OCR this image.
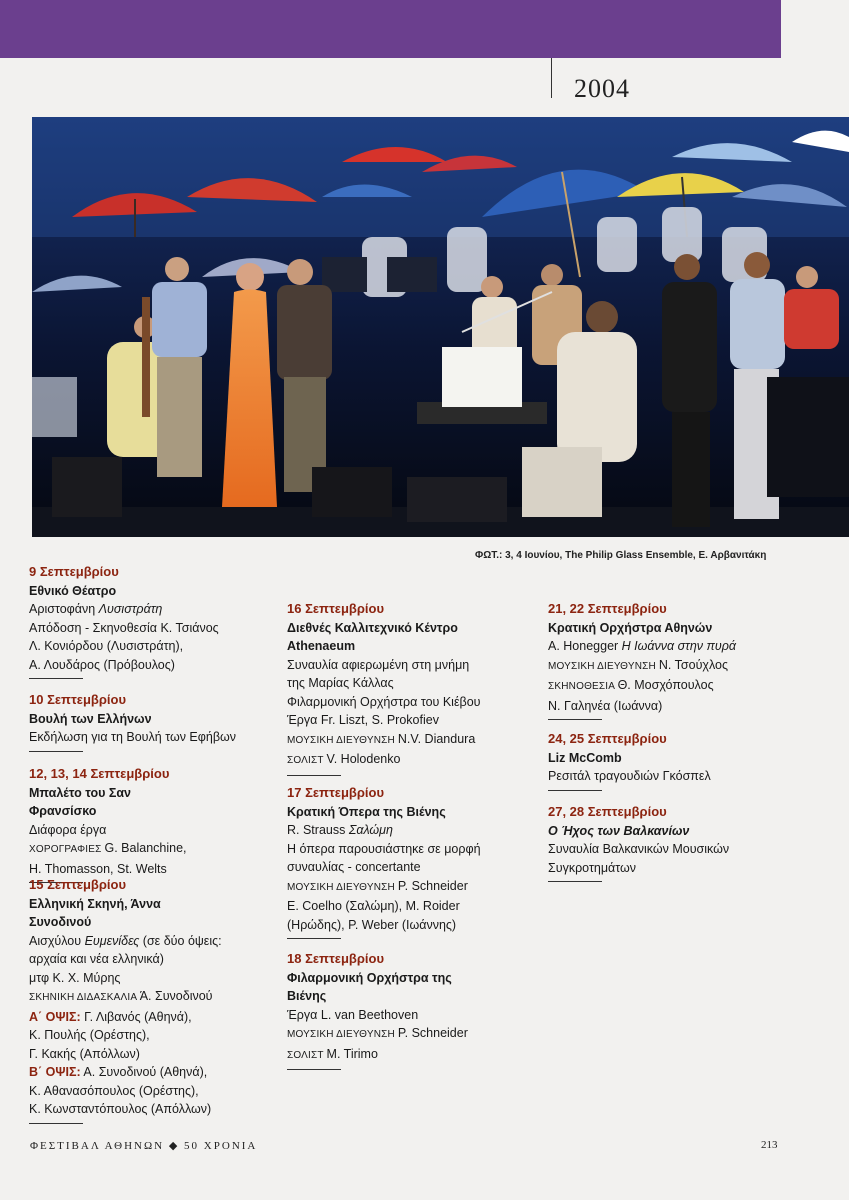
2004
ΦΩΤ.: 3, 4 Ιουνίου, The Philip Glass Ensemble, Ε. Αρβανιτάκη
9 Σεπτεμβρίου
Εθνικό Θέατρο
Αριστοφάνη Λυσιστράτη
Απόδοση - Σκηνοθεσία Κ. Τσιάνος
Λ. Κονιόρδου (Λυσιστράτη),
Α. Λουδάρος (Πρόβουλος)
10 Σεπτεμβρίου
Βουλή των Ελλήνων
Εκδήλωση για τη Βουλή των Εφήβων
12, 13, 14 Σεπτεμβρίου
Μπαλέτο του Σαν Φρανσίσκο
Διάφορα έργα
ΧΟΡΟΓΡΑΦΙΕΣ G. Balanchine,
H. Thomasson, St. Welts
15 Σεπτεμβρίου
Ελληνική Σκηνή, Άννα Συνοδινού
Αισχύλου Ευμενίδες (σε δύο όψεις:
αρχαία και νέα ελληνικά)
μτφ Κ. Χ. Μύρης
ΣΚΗΝΙΚΗ ΔΙΔΑΣΚΑΛΙΑ Ά. Συνοδινού
Α΄ ΟΨΙΣ: Γ. Λιβανός (Αθηνά),
Κ. Πουλής (Ορέστης),
Γ. Κακής (Απόλλων)
Β΄ ΟΨΙΣ: Α. Συνοδινού (Αθηνά),
Κ. Αθανασόπουλος (Ορέστης),
Κ. Κωνσταντόπουλος (Απόλλων)
16 Σεπτεμβρίου
Διεθνές Καλλιτεχνικό Κέντρο
Athenaeum
Συναυλία αφιερωμένη στη μνήμη
της Μαρίας Κάλλας
Φιλαρμονική Ορχήστρα του Κιέβου
Έργα Fr. Liszt, S. Prokofiev
ΜΟΥΣΙΚΗ ΔΙΕΥΘΥΝΣΗ N.V. Diandura
ΣΟΛΙΣΤ V. Holodenko
17 Σεπτεμβρίου
Κρατική Όπερα της Βιένης
R. Strauss Σαλώμη
Η όπερα παρουσιάστηκε σε μορφή
συναυλίας - concertante
ΜΟΥΣΙΚΗ ΔΙΕΥΘΥΝΣΗ P. Schneider
E. Coelho (Σαλώμη), M. Roider
(Ηρώδης), P. Weber (Ιωάννης)
18 Σεπτεμβρίου
Φιλαρμονική Ορχήστρα της Βιένης
Έργα L. van Beethoven
ΜΟΥΣΙΚΗ ΔΙΕΥΘΥΝΣΗ P. Schneider
ΣΟΛΙΣΤ M. Tirimo
21, 22 Σεπτεμβρίου
Κρατική Ορχήστρα Αθηνών
A. Honegger Η Ιωάννα στην πυρά
ΜΟΥΣΙΚΗ ΔΙΕΥΘΥΝΣΗ Ν. Τσούχλος
ΣΚΗΝΟΘΕΣΙΑ Θ. Μοσχόπουλος
Ν. Γαληνέα (Ιωάννα)
24, 25 Σεπτεμβρίου
Liz McComb
Ρεσιτάλ τραγουδιών Γκόσπελ
27, 28 Σεπτεμβρίου
Ο Ήχος των Βαλκανίων
Συναυλία Βαλκανικών Μουσικών
Συγκροτημάτων
ΦΕΣΤΙΒΑΛ ΑΘΗΝΩΝ ◆ 50 ΧΡΟΝΙΑ	213
